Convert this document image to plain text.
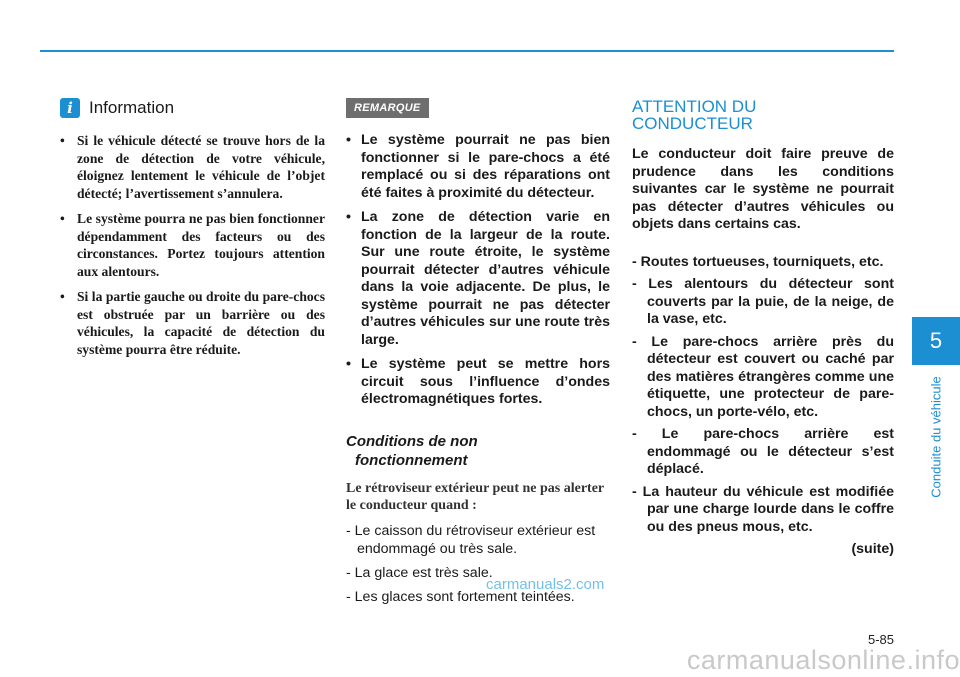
i Information
• Si le véhicule détecté se trouve hors de la zone de détection de votre véhicule, éloignez lentement le véhicule de l’objet détecté; l’avertissement s’annulera.
• Le système pourra ne pas bien fonctionner dépendamment des facteurs ou des circonstances. Portez toujours attention aux alentours.
• Si la partie gauche ou droite du pare-chocs est obstruée par un barrière ou des véhicules, la capacité de détection du système pourra être réduite.
REMARQUE
• Le système pourrait ne pas bien fonctionner si le pare-chocs a été remplacé ou si des réparations ont été faites à proximité du détecteur.
• La zone de détection varie en fonction de la largeur de la route. Sur une route étroite, le système pourrait détecter d’autres véhicule dans la voie adjacente. De plus, le système pourrait ne pas détecter d’autres véhicules sur une route très large.
• Le système peut se mettre hors circuit sous l’influence d’ondes électromagnétiques fortes.
Conditions de non
fonctionnement

Le rétroviseur extérieur peut ne pas alerter le conducteur quand :

- Le caisson du rétroviseur extérieur est endommagé ou très sale.
- La glace est très sale.
- Les glaces sont fortement teintées.
ATTENTION DU
CONDUCTEUR

Le conducteur doit faire preuve de prudence dans les conditions suivantes car le système ne pourrait pas détecter d’autres véhicules ou objets dans certains cas.

- Routes tortueuses, tourniquets, etc.
- Les alentours du détecteur sont couverts par la puie, de la neige, de la vase, etc.
- Le pare-chocs arrière près du détecteur est couvert ou caché par des matières étrangères comme une étiquette, une protecteur de pare-chocs, un porte-vélo, etc.
- Le pare-chocs arrière est endommagé ou le détecteur s’est déplacé.
- La hauteur du véhicule est modifiée par une charge lourde dans le coffre ou des pneus mous, etc.
(suite)
5
Conduite du véhicule
5-85
carmanuals2.com
carmanualsonline.info
